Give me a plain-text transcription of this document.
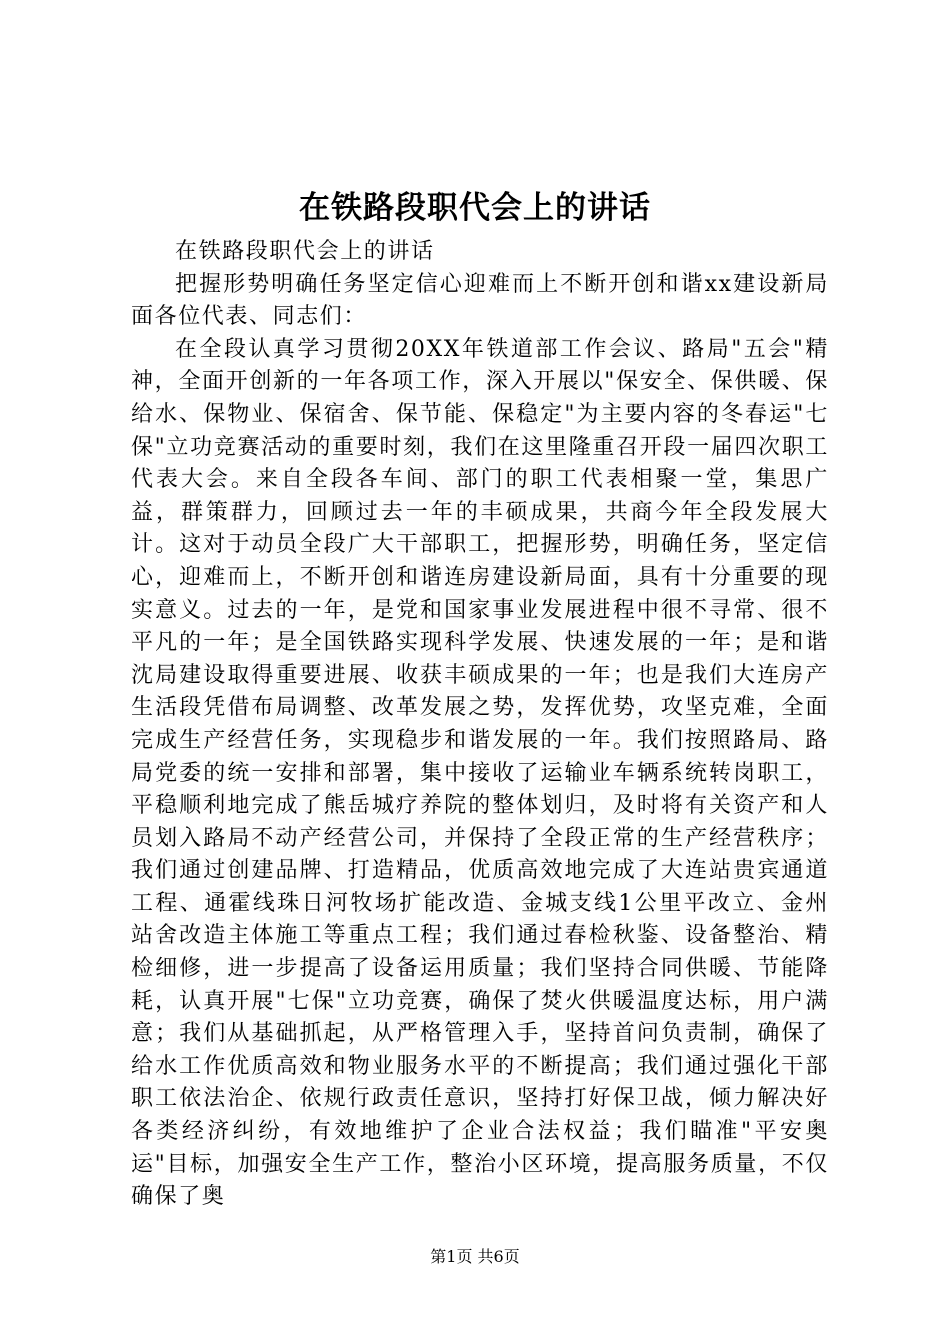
在铁路段职代会上的讲话

在铁路段职代会上的讲话

把握形势明确任务坚定信心迎难而上不断开创和谐xx建设新局面各位代表、同志们：

在全段认真学习贯彻20XX年铁道部工作会议、路局"五会"精神，全面开创新的一年各项工作，深入开展以"保安全、保供暖、保给水、保物业、保宿舍、保节能、保稳定"为主要内容的冬春运"七保"立功竞赛活动的重要时刻，我们在这里隆重召开段一届四次职工代表大会。来自全段各车间、部门的职工代表相聚一堂，集思广益，群策群力，回顾过去一年的丰硕成果，共商今年全段发展大计。这对于动员全段广大干部职工，把握形势，明确任务，坚定信心，迎难而上，不断开创和谐连房建设新局面，具有十分重要的现实意义。过去的一年，是党和国家事业发展进程中很不寻常、很不平凡的一年；是全国铁路实现科学发展、快速发展的一年；是和谐沈局建设取得重要进展、收获丰硕成果的一年；也是我们大连房产生活段凭借布局调整、改革发展之势，发挥优势，攻坚克难，全面完成生产经营任务，实现稳步和谐发展的一年。我们按照路局、路局党委的统一安排和部署，集中接收了运输业车辆系统转岗职工，平稳顺利地完成了熊岳城疗养院的整体划归，及时将有关资产和人员划入路局不动产经营公司，并保持了全段正常的生产经营秩序；我们通过创建品牌、打造精品，优质高效地完成了大连站贵宾通道工程、通霍线珠日河牧场扩能改造、金城支线1公里平改立、金州站舍改造主体施工等重点工程；我们通过春检秋鉴、设备整治、精检细修，进一步提高了设备运用质量；我们坚持合同供暖、节能降耗，认真开展"七保"立功竞赛，确保了焚火供暖温度达标，用户满意；我们从基础抓起，从严格管理入手，坚持首问负责制，确保了给水工作优质高效和物业服务水平的不断提高；我们通过强化干部职工依法治企、依规行政责任意识，坚持打好保卫战，倾力解决好各类经济纠纷，有效地维护了企业合法权益；我们瞄准"平安奥运"目标，加强安全生产工作，整治小区环境，提高服务质量，不仅确保了奥

第1页 共6页
